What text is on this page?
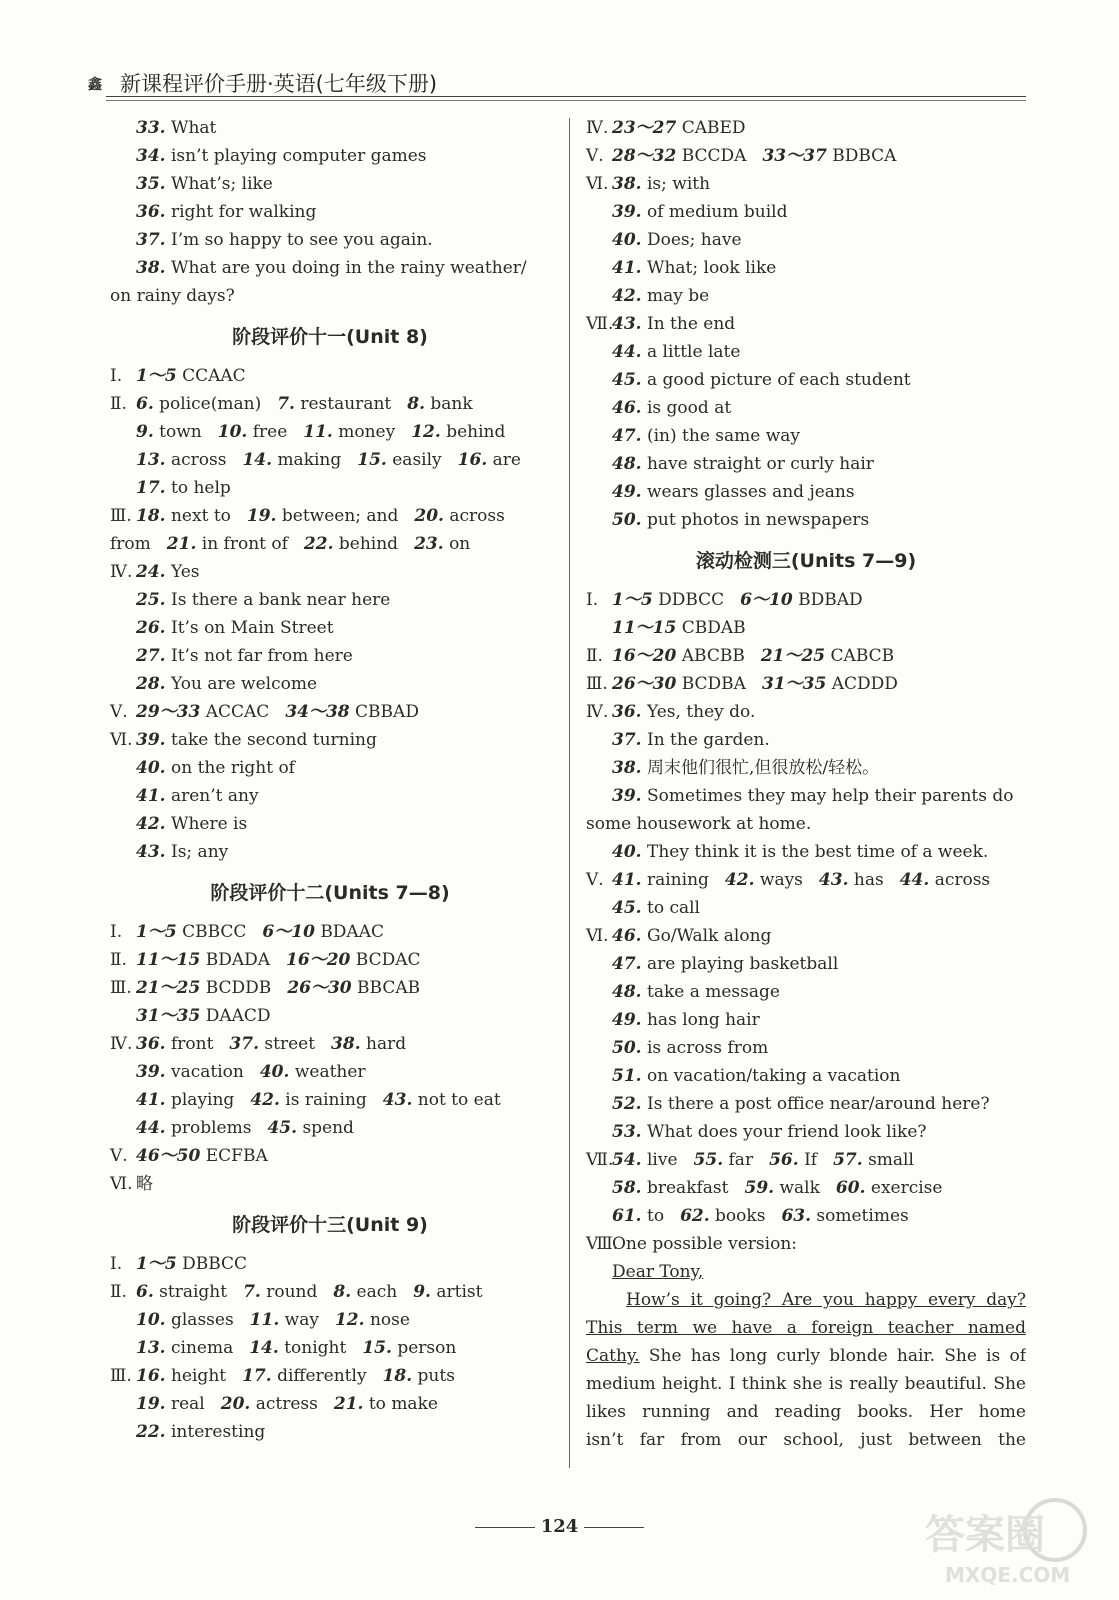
鑫 新课程评价手册·英语(七年级下册)
33. What
34. isn’t playing computer games
35. What’s; like
36. right for walking
37. I’m so happy to see you again.
38. What are you doing in the rainy weather/
on rainy days?
阶段评价十一(Unit 8)
Ⅰ. 1～5 CCAAC
Ⅱ. 6. police(man) 7. restaurant 8. bank
9. town 10. free 11. money 12. behind
13. across 14. making 15. easily 16. are
17. to help
Ⅲ. 18. next to 19. between; and 20. across
from 21. in front of 22. behind 23. on
Ⅳ. 24. Yes
25. Is there a bank near here
26. It’s on Main Street
27. It’s not far from here
28. You are welcome
Ⅴ. 29～33 ACCAC 34～38 CBBAD
Ⅵ. 39. take the second turning
40. on the right of
41. aren’t any
42. Where is
43. Is; any
阶段评价十二(Units 7—8)
Ⅰ. 1～5 CBBCC 6～10 BDAAC
Ⅱ. 11～15 BDADA 16～20 BCDAC
Ⅲ. 21～25 BCDDB 26～30 BBCAB
31～35 DAACD
Ⅳ. 36. front 37. street 38. hard
39. vacation 40. weather
41. playing 42. is raining 43. not to eat
44. problems 45. spend
Ⅴ. 46～50 ECFBA
Ⅵ. 略
阶段评价十三(Unit 9)
Ⅰ. 1～5 DBBCC
Ⅱ. 6. straight 7. round 8. each 9. artist
10. glasses 11. way 12. nose
13. cinema 14. tonight 15. person
Ⅲ. 16. height 17. differently 18. puts
19. real 20. actress 21. to make
22. interesting
Ⅳ. 23～27 CABED
Ⅴ. 28～32 BCCDA 33～37 BDBCA
Ⅵ. 38. is; with
39. of medium build
40. Does; have
41. What; look like
42. may be
Ⅶ.43. In the end
44. a little late
45. a good picture of each student
46. is good at
47. (in) the same way
48. have straight or curly hair
49. wears glasses and jeans
50. put photos in newspapers
滚动检测三(Units 7—9)
Ⅰ. 1～5 DDBCC 6～10 BDBAD
11～15 CBDAB
Ⅱ. 16～20 ABCBB 21～25 CABCB
Ⅲ. 26～30 BCDBA 31～35 ACDDD
Ⅳ. 36. Yes, they do.
37. In the garden.
38. 周末他们很忙,但很放松/轻松。
39. Sometimes they may help their parents do
some housework at home.
40. They think it is the best time of a week.
Ⅴ. 41. raining 42. ways 43. has 44. across
45. to call
Ⅵ. 46. Go/Walk along
47. are playing basketball
48. take a message
49. has long hair
50. is across from
51. on vacation/taking a vacation
52. Is there a post office near/around here?
53. What does your friend look like?
Ⅶ.54. live 55. far 56. If 57. small
58. breakfast 59. walk 60. exercise
61. to 62. books 63. sometimes
Ⅷ.One possible version:
Dear Tony,
How’s it going? Are you happy every day?
This term we have a foreign teacher named
Cathy. She has long curly blonde hair. She is of
medium height. I think she is really beautiful. She
likes running and reading books. Her home
isn’t far from our school, just between the
124	答案圈
MXQE.COM
